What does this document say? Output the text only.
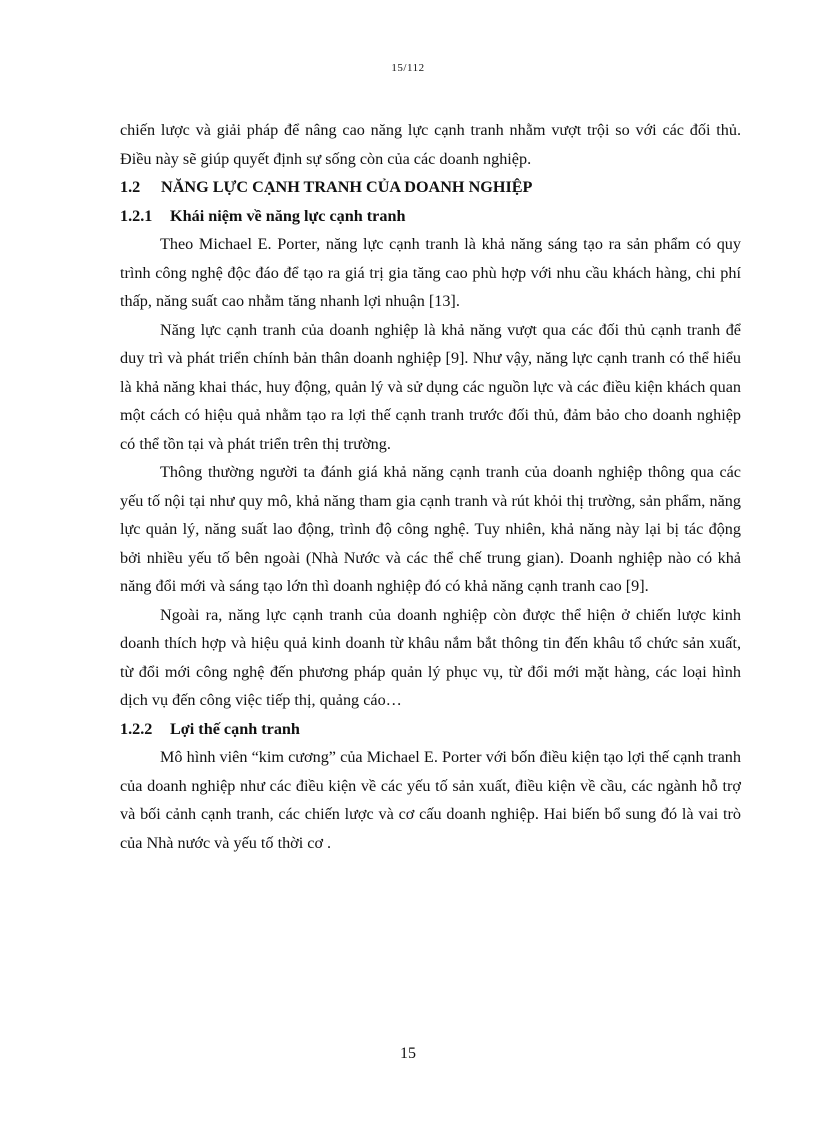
15/112

chiến lược và giải pháp để nâng cao năng lực cạnh tranh nhằm vượt trội so với các đối thủ. Điều này sẽ giúp quyết định sự sống còn của các doanh nghiệp.

1.2 NĂNG LỰC CẠNH TRANH CỦA DOANH NGHIỆP
1.2.1 Khái niệm về năng lực cạnh tranh

Theo Michael E. Porter, năng lực cạnh tranh là khả năng sáng tạo ra sản phẩm có quy trình công nghệ độc đáo để tạo ra giá trị gia tăng cao phù hợp với nhu cầu khách hàng, chi phí thấp, năng suất cao nhằm tăng nhanh lợi nhuận [13].

Năng lực cạnh tranh của doanh nghiệp là khả năng vượt qua các đối thủ cạnh tranh để duy trì và phát triển chính bản thân doanh nghiệp [9]. Như vậy, năng lực cạnh tranh có thể hiểu là khả năng khai thác, huy động, quản lý và sử dụng các nguồn lực và các điều kiện khách quan một cách có hiệu quả nhằm tạo ra lợi thế cạnh tranh trước đối thủ, đảm bảo cho doanh nghiệp có thể tồn tại và phát triển trên thị trường.

Thông thường người ta đánh giá khả năng cạnh tranh của doanh nghiệp thông qua các yếu tố nội tại như quy mô, khả năng tham gia cạnh tranh và rút khỏi thị trường, sản phẩm, năng lực quản lý, năng suất lao động, trình độ công nghệ. Tuy nhiên, khả năng này lại bị tác động bởi nhiều yếu tố bên ngoài (Nhà Nước và các thể chế trung gian). Doanh nghiệp nào có khả năng đổi mới và sáng tạo lớn thì doanh nghiệp đó có khả năng cạnh tranh cao [9].

Ngoài ra, năng lực cạnh tranh của doanh nghiệp còn được thể hiện ở chiến lược kinh doanh thích hợp và hiệu quả kinh doanh từ khâu nắm bắt thông tin đến khâu tổ chức sản xuất, từ đổi mới công nghệ đến phương pháp quản lý phục vụ, từ đổi mới mặt hàng, các loại hình dịch vụ đến công việc tiếp thị, quảng cáo…

1.2.2 Lợi thế cạnh tranh

Mô hình viên “kim cương” của Michael E. Porter với bốn điều kiện tạo lợi thế cạnh tranh của doanh nghiệp như các điều kiện về các yếu tố sản xuất, điều kiện về cầu, các ngành hỗ trợ và bối cảnh cạnh tranh, các chiến lược và cơ cấu doanh nghiệp. Hai biến bổ sung đó là vai trò của Nhà nước và yếu tố thời cơ .

15
